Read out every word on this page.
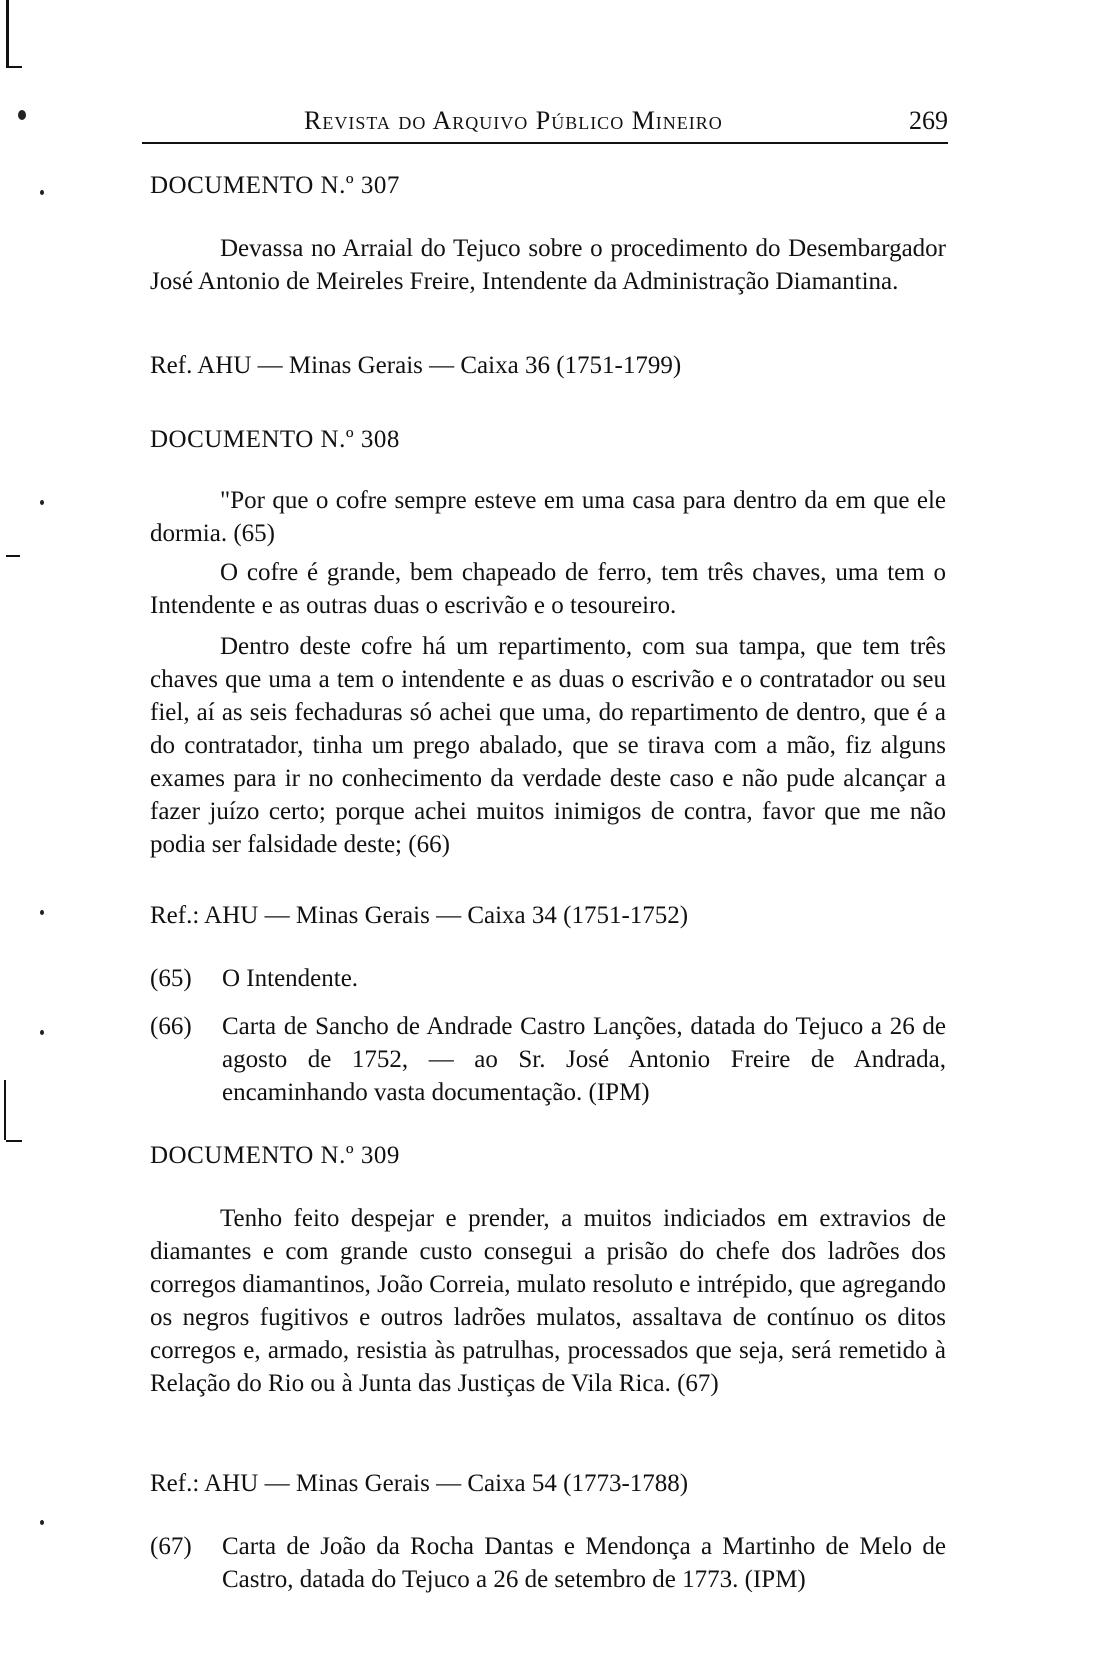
Revista do Arquivo Público Mineiro	269
DOCUMENTO N.º 307

Devassa no Arraial do Tejuco sobre o procedimento do Desembargador José Antonio de Meireles Freire, Intendente da Administração Diamantina.

Ref. AHU — Minas Gerais — Caixa 36 (1751-1799)
DOCUMENTO N.º 308

"Por que o cofre sempre esteve em uma casa para dentro da em que ele dormia. (65)

O cofre é grande, bem chapeado de ferro, tem três chaves, uma tem o Intendente e as outras duas o escrivão e o tesoureiro.

Dentro deste cofre há um repartimento, com sua tampa, que tem três chaves que uma a tem o intendente e as duas o escrivão e o contratador ou seu fiel, aí as seis fechaduras só achei que uma, do repartimento de dentro, que é a do contratador, tinha um prego abalado, que se tirava com a mão, fiz alguns exames para ir no conhecimento da verdade deste caso e não pude alcançar a fazer juízo certo; porque achei muitos inimigos de contra, favor que me não podia ser falsidade deste; (66)

Ref.: AHU — Minas Gerais — Caixa 34 (1751-1752)
(65) O Intendente.
(66) Carta de Sancho de Andrade Castro Lanções, datada do Tejuco a 26 de agosto de 1752, — ao Sr. José Antonio Freire de Andrada, encaminhando vasta documentação. (IPM)
DOCUMENTO N.º 309

Tenho feito despejar e prender, a muitos indiciados em extravios de diamantes e com grande custo consegui a prisão do chefe dos ladrões dos corregos diamantinos, João Correia, mulato resoluto e intrépido, que agregando os negros fugitivos e outros ladrões mulatos, assaltava de contínuo os ditos corregos e, armado, resistia às patrulhas, processados que seja, será remetido à Relação do Rio ou à Junta das Justiças de Vila Rica. (67)

Ref.: AHU — Minas Gerais — Caixa 54 (1773-1788)
(67) Carta de João da Rocha Dantas e Mendonça a Martinho de Melo de Castro, datada do Tejuco a 26 de setembro de 1773. (IPM)
